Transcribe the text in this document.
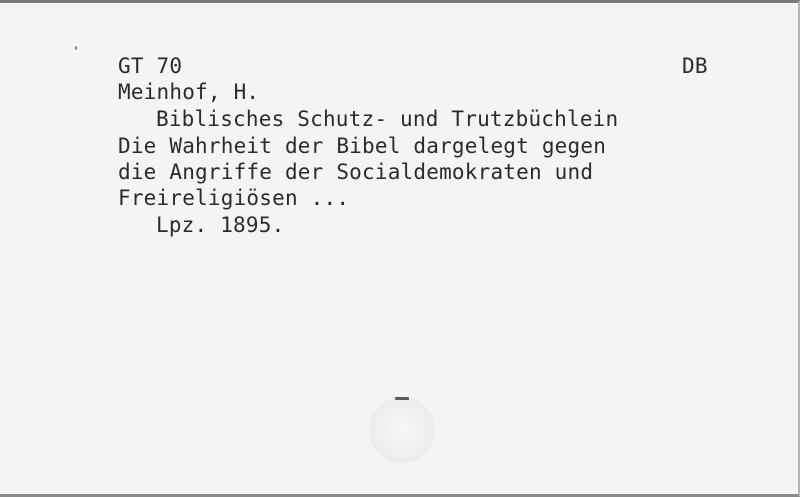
GT 70	DB
Meinhof, H.
Biblisches Schutz- und Trutzbüchlein
Die Wahrheit der Bibel dargelegt gegen
die Angriffe der Socialdemokraten und
Freireligiösen ...
Lpz. 1895.
